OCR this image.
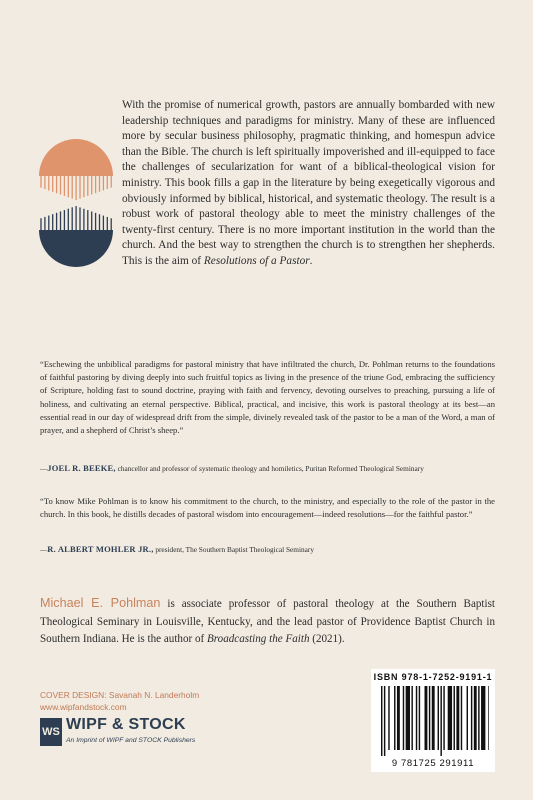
With the promise of numerical growth, pastors are annually bombarded with new leadership techniques and paradigms for ministry. Many of these are influenced more by secular business philosophy, pragmatic thinking, and homespun advice than the Bible. The church is left spiritually impoverished and ill-equipped to face the challenges of secularization for want of a biblical-theological vision for ministry. This book fills a gap in the literature by being exegetically vigorous and obviously informed by biblical, historical, and systematic theology. The result is a robust work of pastoral theology able to meet the ministry challenges of the twenty-first century. There is no more important institution in the world than the church. And the best way to strengthen the church is to strengthen her shepherds. This is the aim of Resolutions of a Pastor.

“Eschewing the unbiblical paradigms for pastoral ministry that have infiltrated the church, Dr. Pohlman returns to the foundations of faithful pastoring by diving deeply into such fruitful topics as living in the presence of the triune God, embracing the sufficiency of Scripture, holding fast to sound doctrine, praying with faith and fervency, devoting ourselves to preaching, pursuing a life of holiness, and cultivating an eternal perspective. Biblical, practical, and incisive, this work is pastoral theology at its best—an essential read in our day of widespread drift from the simple, divinely revealed task of the pastor to be a man of the Word, a man of prayer, and a shepherd of Christ’s sheep.”

—JOEL R. BEEKE, chancellor and professor of systematic theology and homiletics, Puritan Reformed Theological Seminary

“To know Mike Pohlman is to know his commitment to the church, to the ministry, and especially to the role of the pastor in the church. In this book, he distills decades of pastoral wisdom into encouragement—indeed resolutions—for the faithful pastor.”

—R. ALBERT MOHLER JR., president, The Southern Baptist Theological Seminary

Michael E. Pohlman is associate professor of pastoral theology at the Southern Baptist Theological Seminary in Louisville, Kentucky, and the lead pastor of Providence Baptist Church in Southern Indiana. He is the author of Broadcasting the Faith (2021).

COVER DESIGN: Savanah N. Landerholm
www.wipfandstock.com
WS WIPF & STOCK
An Imprint of WIPF and STOCK Publishers
ISBN 978-1-7252-9191-1
9 781725 291911
